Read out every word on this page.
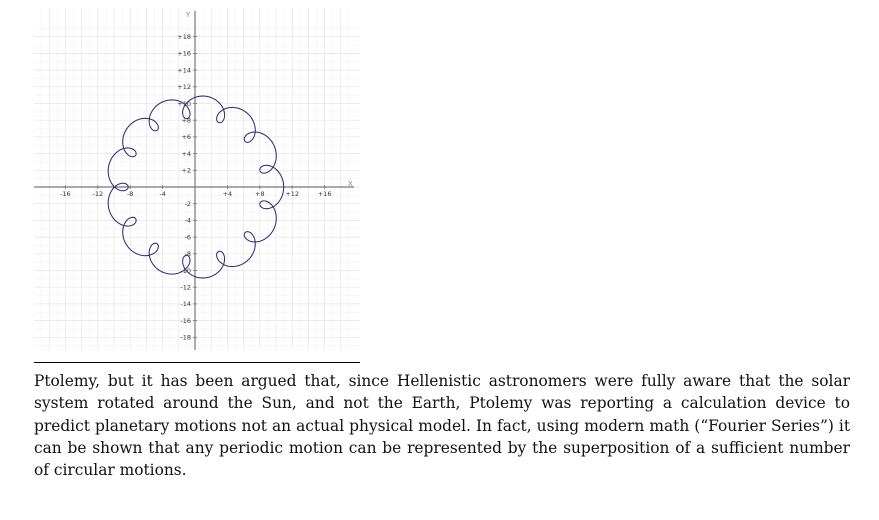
X
Y
-16	-12	-8	-4	+4	+8	+12	+16
+18
+16
+14
+12
+10
+8
+6
+4
+2
-2
-4
-6
-8
-10
-12
-14
-16
-18

Ptolemy, but it has been argued that, since Hellenistic astronomers were fully aware that the solar system rotated around the Sun, and not the Earth, Ptolemy was reporting a calculation device to predict planetary motions not an actual physical model. In fact, using modern math (“Fourier Series”) it can be shown that any periodic motion can be represented by the superposition of a sufficient number of circular motions.
